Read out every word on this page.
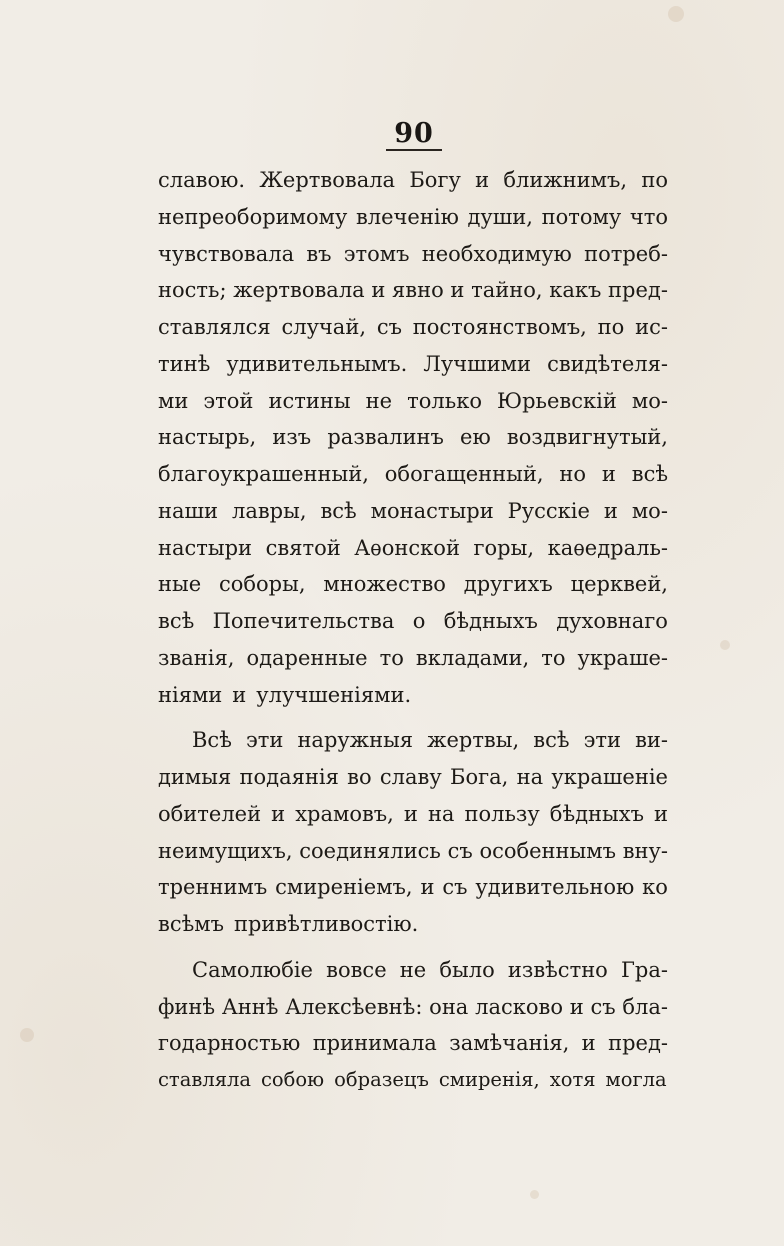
90
славою. Жертвовала Богу и ближнимъ, по
непреоборимому влеченію души, потому что
чувствовала въ этомъ необходимую потреб-
ность; жертвовала и явно и тайно, какъ пред-
ставлялся случай, съ постоянствомъ, по ис-
тинѣ удивительнымъ. Лучшими свидѣтеля-
ми этой истины не только Юрьевскій мо-
настырь, изъ развалинъ ею воздвигнутый,
благоукрашенный, обогащенный, но и всѣ
наши лавры, всѣ монастыри Русскіе и мо-
настыри святой Аѳонской горы, каѳедраль-
ные соборы, множество другихъ церквей,
всѣ Попечительства о бѣдныхъ духовнаго
званія, одаренные то вкладами, то украше-
ніями и улучшеніями.
Всѣ эти наружныя жертвы, всѣ эти ви-
димыя подаянія во славу Бога, на украшеніе
обителей и храмовъ, и на пользу бѣдныхъ и
неимущихъ, соединялись съ особеннымъ вну-
треннимъ смиреніемъ, и съ удивительною ко
всѣмъ привѣтливостію.
Самолюбіе вовсе не было извѣстно Гра-
финѣ Аннѣ Алексѣевнѣ: она ласково и съ бла-
годарностью принимала замѣчанія, и пред-
ставляла собою образецъ смиренія, хотя могла
